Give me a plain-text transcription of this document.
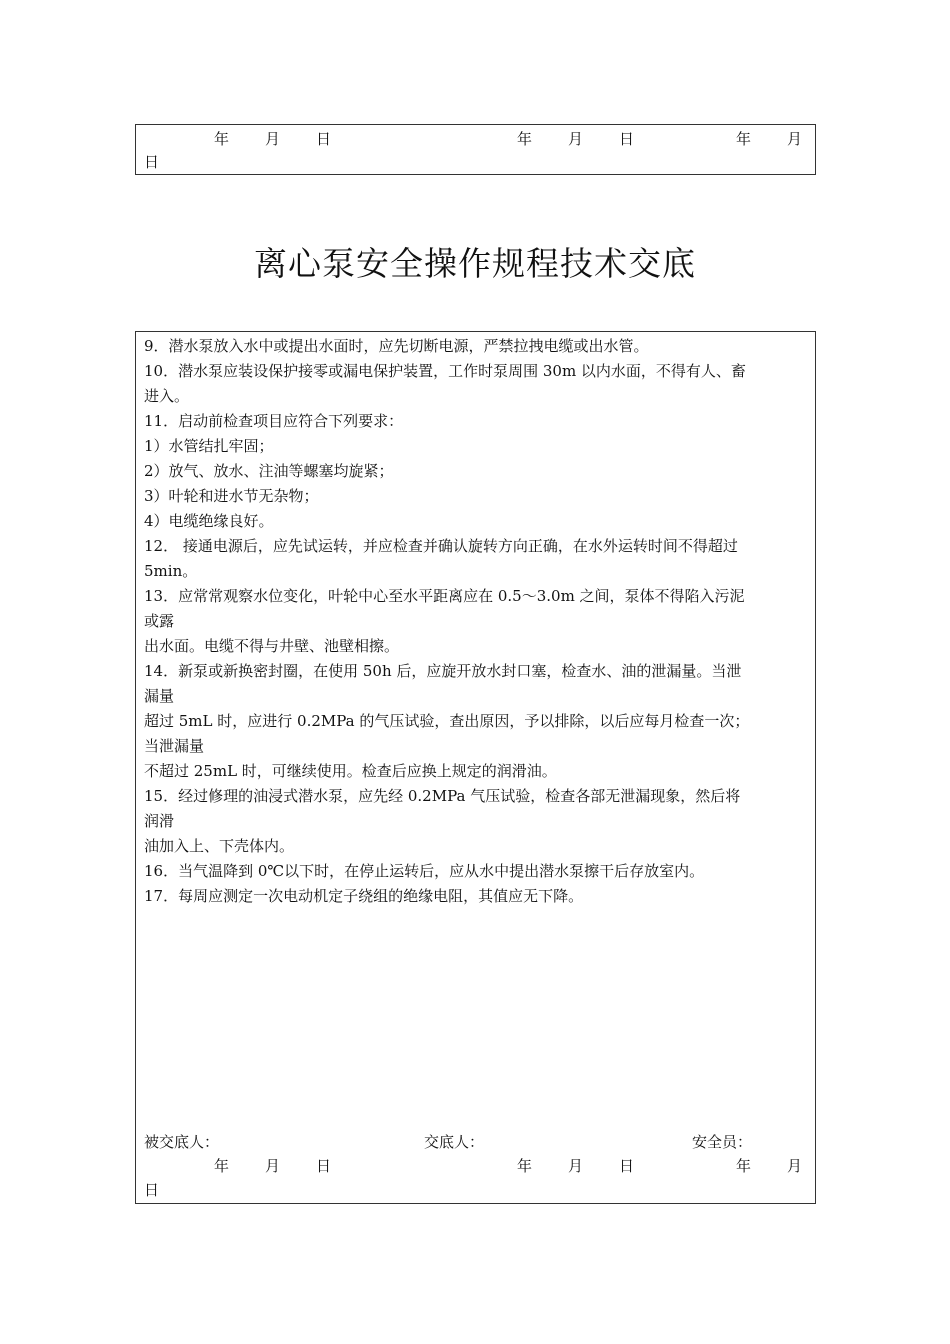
年 月 日	年 月 日	年 月
日
离心泵安全操作规程技术交底
9．潜水泵放入水中或提出水面时，应先切断电源，严禁拉拽电缆或出水管。
10．潜水泵应装设保护接零或漏电保护装置，工作时泵周围 30m 以内水面，不得有人、畜
进入。
11．启动前检查项目应符合下列要求：
1）水管结扎牢固；
2）放气、放水、注油等螺塞均旋紧；
3）叶轮和进水节无杂物；
4）电缆绝缘良好。
12． 接通电源后，应先试运转，并应检查并确认旋转方向正确，在水外运转时间不得超过
5min。
13．应常常观察水位变化，叶轮中心至水平距离应在 0.5～3.0m 之间，泵体不得陷入污泥
或露
出水面。电缆不得与井壁、池壁相擦。
14．新泵或新换密封圈，在使用 50h 后，应旋开放水封口塞，检查水、油的泄漏量。当泄
漏量
超过 5mL 时，应进行 0.2MPa 的气压试验，查出原因，予以排除，以后应每月检查一次；
当泄漏量
不超过 25mL 时，可继续使用。检查后应换上规定的润滑油。
15．经过修理的油浸式潜水泵，应先经 0.2MPa 气压试验，检查各部无泄漏现象，然后将
润滑
油加入上、下壳体内。
16．当气温降到 0℃以下时，在停止运转后，应从水中提出潜水泵擦干后存放室内。
17．每周应测定一次电动机定子绕组的绝缘电阻，其值应无下降。
被交底人：	交底人：	安全员：
年 月 日	年 月 日	年 月
日
